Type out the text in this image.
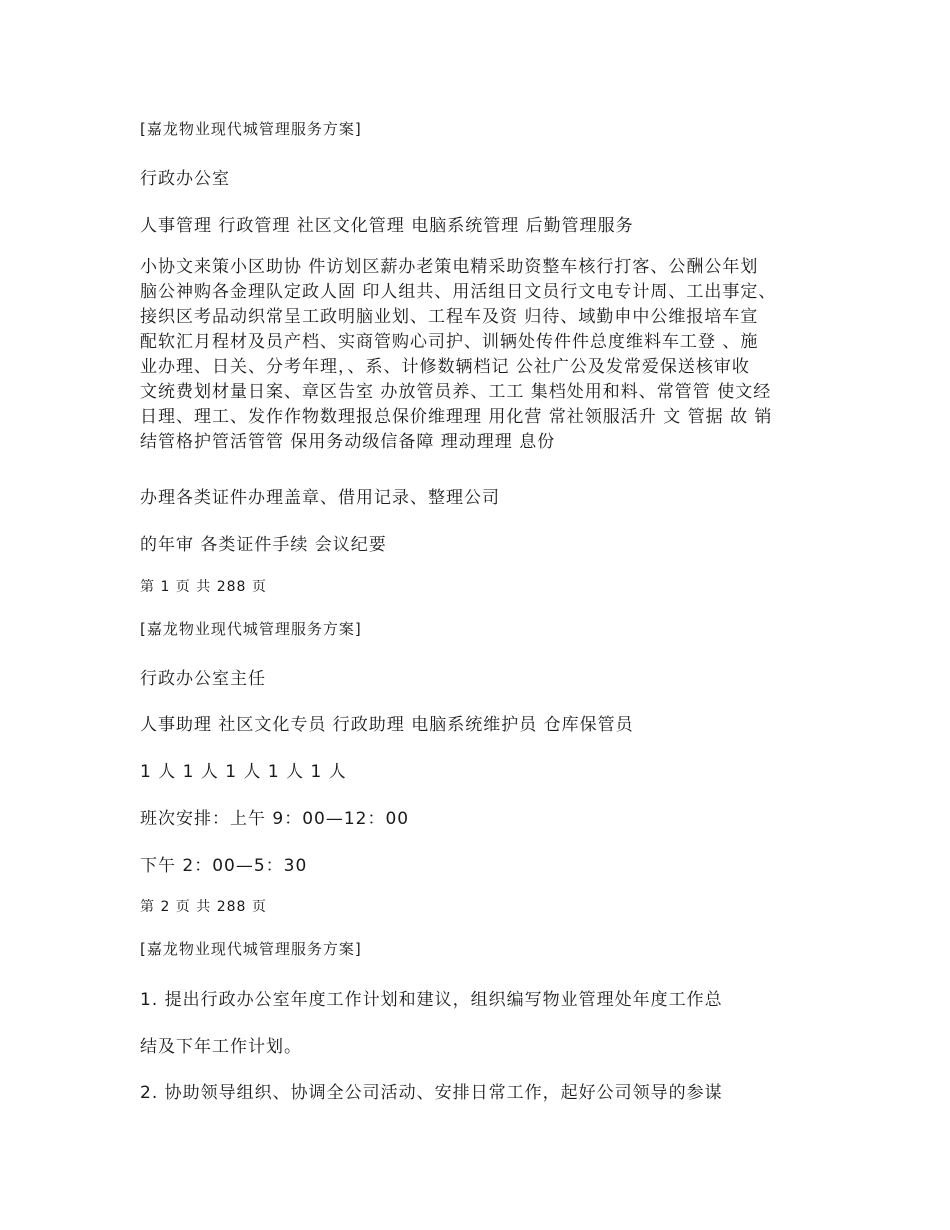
[嘉龙物业现代城管理服务方案]
行政办公室
人事管理 行政管理 社区文化管理 电脑系统管理 后勤管理服务
小协文来策小区助协 件访划区薪办老策电精采助资整车核行打客、公酬公年划
脑公神购各金理队定政人固 印人组共、用活组日文员行文电专计周、工出事定、
接织区考品动织常呈工政明脑业划、工程车及资 归待、域勤申中公维报培车宣
配软汇月程材及员产档、实商管购心司护、训辆处传件件总度维料车工登 、施
业办理、日关、分考年理，、系、计修数辆档记 公社广公及发常爱保送核审收
文统费划材量日案、章区告室 办放管员养、工工 集档处用和料、常管管 使文经
日理、理工、发作作物数理报总保价维理理 用化营 常社领服活升 文 管据 故 销
结管格护管活管管 保用务动级信备障 理动理理 息份
办理各类证件办理盖章、借用记录、整理公司
的年审 各类证件手续 会议纪要
第 1 页 共 288 页
[嘉龙物业现代城管理服务方案]
行政办公室主任
人事助理 社区文化专员 行政助理 电脑系统维护员 仓库保管员
1 人 1 人 1 人 1 人 1 人
班次安排：上午 9：00—12：00
下午 2：00—5：30
第 2 页 共 288 页
[嘉龙物业现代城管理服务方案]
1. 提出行政办公室年度工作计划和建议，组织编写物业管理处年度工作总
结及下年工作计划。
2. 协助领导组织、协调全公司活动、安排日常工作，起好公司领导的参谋
